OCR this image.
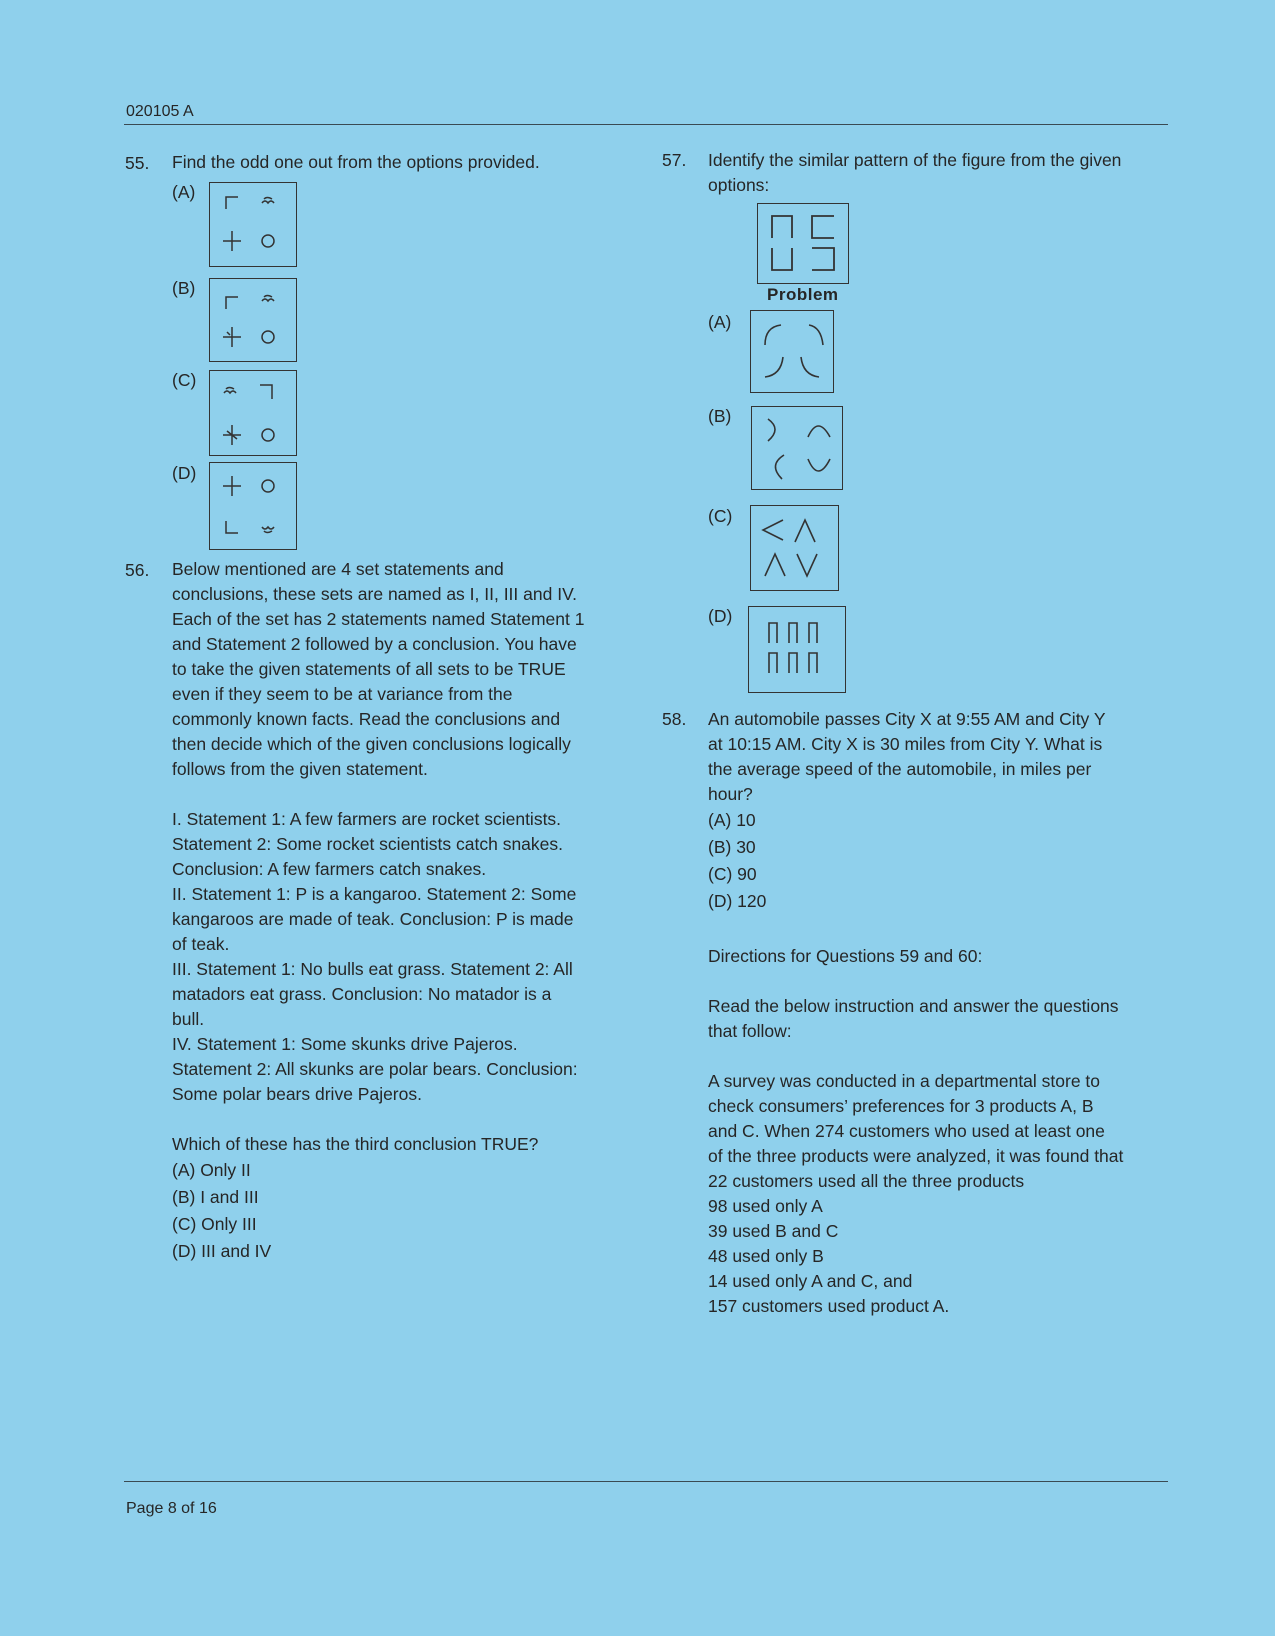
020105 A
55. Find the odd one out from the options provided.
(A)
(B)
(C)
(D)
56. Below mentioned are 4 set statements and

conclusions, these sets are named as I, II, III and IV.

Each of the set has 2 statements named Statement 1

and Statement 2 followed by a conclusion. You have

to take the given statements of all sets to be TRUE

even if they seem to be at variance from the

commonly known facts. Read the conclusions and

then decide which of the given conclusions logically

follows from the given statement.

I. Statement 1: A few farmers are rocket scientists.

Statement 2: Some rocket scientists catch snakes.

Conclusion: A few farmers catch snakes.

II. Statement 1: P is a kangaroo. Statement 2: Some

kangaroos are made of teak. Conclusion: P is made

of teak.

III. Statement 1: No bulls eat grass. Statement 2: All

matadors eat grass. Conclusion: No matador is a

bull.

IV. Statement 1: Some skunks drive Pajeros.

Statement 2: All skunks are polar bears. Conclusion:

Some polar bears drive Pajeros.

Which of these has the third conclusion TRUE?

(A) Only II

(B) I and III

(C) Only III

(D) III and IV

57. Identify the similar pattern of the figure from the given

options:

Problem
(A)
(B)
(C)
(D)
58. An automobile passes City X at 9:55 AM and City Y

at 10:15 AM. City X is 30 miles from City Y. What is

the average speed of the automobile, in miles per

hour?

(A) 10

(B) 30

(C) 90

(D) 120

Directions for Questions 59 and 60:

Read the below instruction and answer the questions

that follow:

A survey was conducted in a departmental store to

check consumers’ preferences for 3 products A, B

and C. When 274 customers who used at least one

of the three products were analyzed, it was found that

22 customers used all the three products

98 used only A

39 used B and C

48 used only B

14 used only A and C, and

157 customers used product A.

Page 8 of 16
